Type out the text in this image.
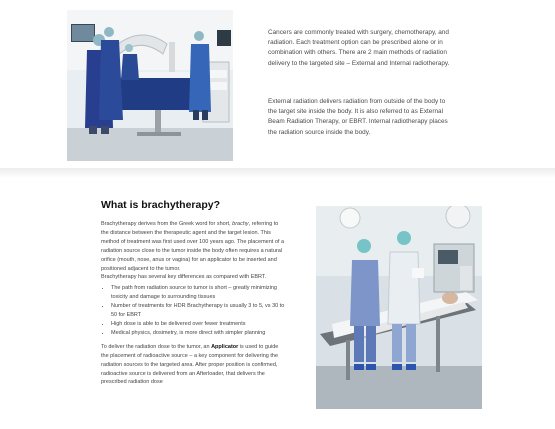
Cancers are commonly treated with surgery, chemotherapy, and radiation. Each treatment option can be prescribed alone or in combination with others. There are 2 main methods of radiation delivery to the targeted site – External and Internal radiotherapy.

External radiation delivers radiation from outside of the body to the target site inside the body. It is also referred to as External Beam Radiation Therapy, or EBRT. Internal radiotherapy places the radiation source inside the body.

What is brachytherapy?

Brachytherapy derives from the Greek word for short, brachy, referring to the distance between the therapeutic agent and the target lesion. This method of treatment was first used over 100 years ago. The placement of a radiation source close to the tumor inside the body often requires a natural orifice (mouth, nose, anus or vagina) for an applicator to be inserted and positioned adjacent to the tumor.

Brachytherapy has several key differences as compared with EBRT.

• The path from radiation source to tumor is short – greatly minimizing toxicity and damage to surrounding tissues
• Number of treatments for HDR Brachytherapy is usually 3 to 5, vs 30 to 50 for EBRT
• High dose is able to be delivered over fewer treatments
• Medical physics, dosimetry, is more direct with simpler planning

To deliver the radiation dose to the tumor, an Applicator is used to guide the placement of radioactive source – a key component for delivering the radiation sources to the targeted area. After proper position is confirmed, radioactive source is delivered from an Afterloader, that delivers the prescribed radiation dose
